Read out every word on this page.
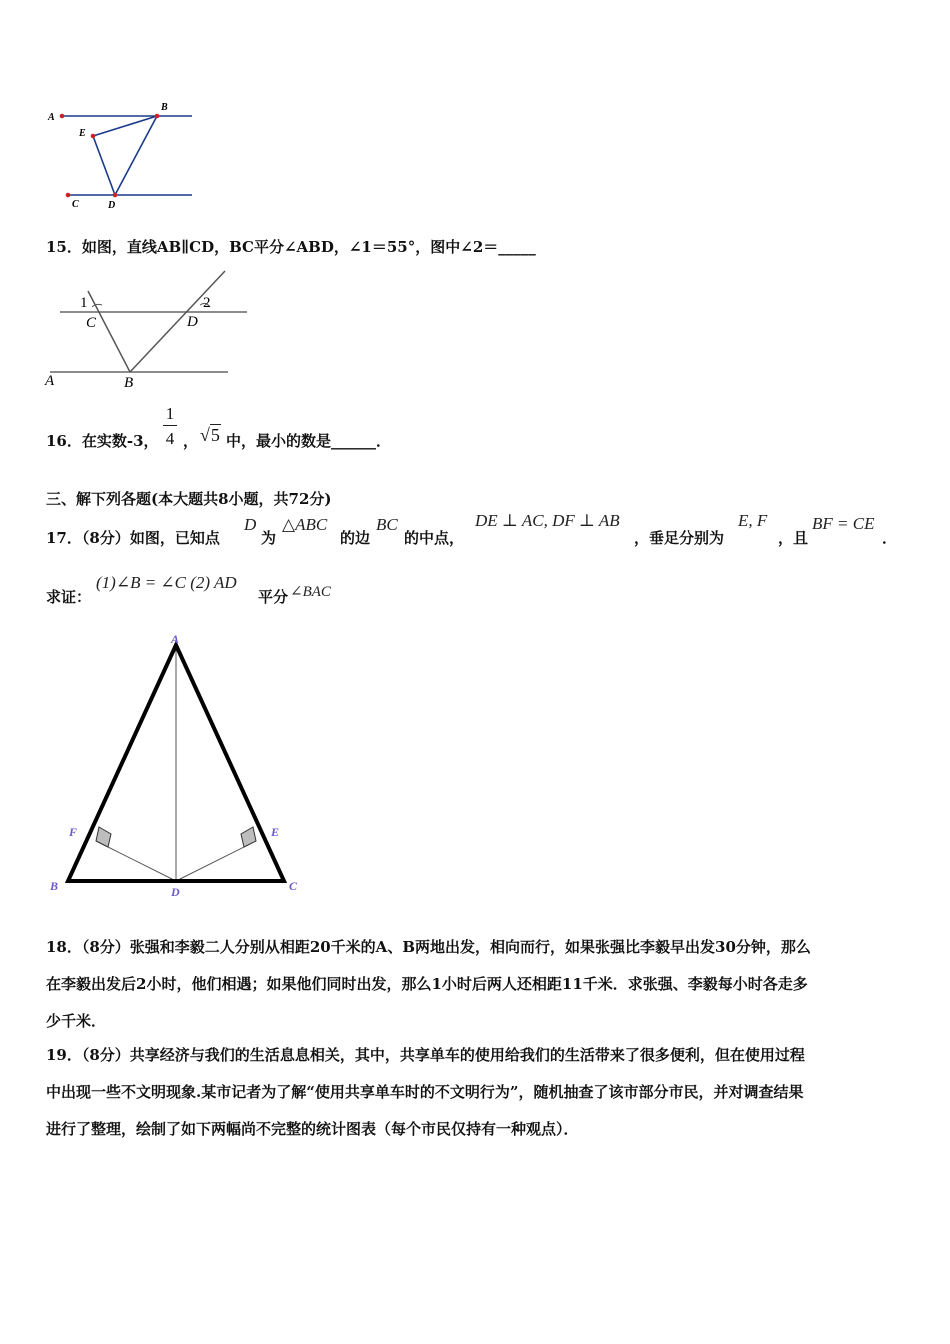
A
B
E
C	D
15．如图，直线AB∥CD，BC平分∠ABD，∠1＝55°，图中∠2＝_____
1
C
2
D
A	B
16．在实数-3，
1
4 ， √5 中，最小的数是______．
三、解下列各题(本大题共8小题，共72分)
17．（8分）如图，已知点
D
为
△ABC
的边
BC
的中点，
DE ⊥ AC, DF ⊥ AB
，垂足分别为
E, F
，且
BF = CE
．
求证：
(1)∠B = ∠C (2) AD
平分 ∠BAC
A
F	E
B	D	C
18．（8分）张强和李毅二人分别从相距20千米的A、B两地出发，相向而行，如果张强比李毅早出发30分钟，那么
在李毅出发后2小时，他们相遇；如果他们同时出发，那么1小时后两人还相距11千米．求张强、李毅每小时各走多
少千米．
19．（8分）共享经济与我们的生活息息相关，其中，共享单车的使用给我们的生活带来了很多便利，但在使用过程
中出现一些不文明现象.某市记者为了解“使用共享单车时的不文明行为”，随机抽查了该市部分市民，并对调查结果
进行了整理，绘制了如下两幅尚不完整的统计图表（每个市民仅持有一种观点）．
